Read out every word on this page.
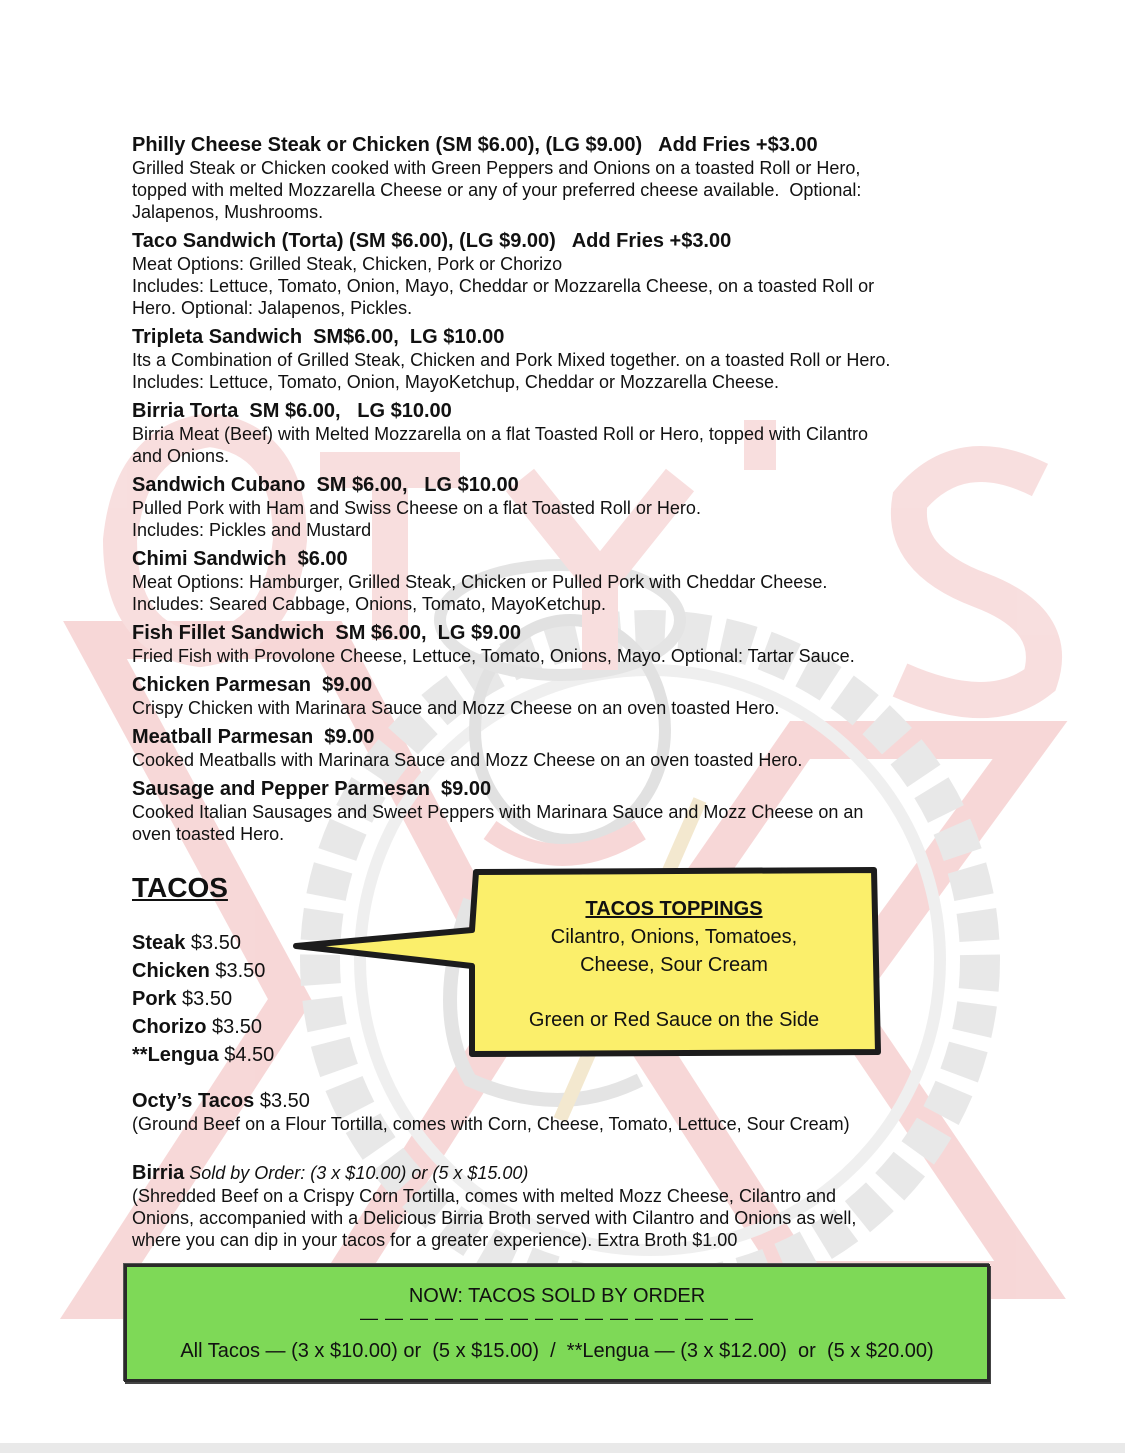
Philly Cheese Steak or Chicken (SM $6.00), (LG $9.00)   Add Fries +$3.00
Grilled Steak or Chicken cooked with Green Peppers and Onions on a toasted Roll or Hero,
topped with melted Mozzarella Cheese or any of your preferred cheese available.  Optional:
Jalapenos, Mushrooms.
Taco Sandwich (Torta) (SM $6.00), (LG $9.00)   Add Fries +$3.00
Meat Options: Grilled Steak, Chicken, Pork or Chorizo
Includes: Lettuce, Tomato, Onion, Mayo, Cheddar or Mozzarella Cheese, on a toasted Roll or
Hero. Optional: Jalapenos, Pickles.
Tripleta Sandwich  SM$6.00,  LG $10.00
Its a Combination of Grilled Steak, Chicken and Pork Mixed together. on a toasted Roll or Hero.
Includes: Lettuce, Tomato, Onion, MayoKetchup, Cheddar or Mozzarella Cheese.
Birria Torta  SM $6.00,   LG $10.00
Birria Meat (Beef) with Melted Mozzarella on a flat Toasted Roll or Hero, topped with Cilantro
and Onions.
Sandwich Cubano  SM $6.00,   LG $10.00
Pulled Pork with Ham and Swiss Cheese on a flat Toasted Roll or Hero.
Includes: Pickles and Mustard
Chimi Sandwich  $6.00
Meat Options: Hamburger, Grilled Steak, Chicken or Pulled Pork with Cheddar Cheese.
Includes: Seared Cabbage, Onions, Tomato, MayoKetchup.
Fish Fillet Sandwich  SM $6.00,  LG $9.00
Fried Fish with Provolone Cheese, Lettuce, Tomato, Onions, Mayo. Optional: Tartar Sauce.
Chicken Parmesan  $9.00
Crispy Chicken with Marinara Sauce and Mozz Cheese on an oven toasted Hero.
Meatball Parmesan  $9.00
Cooked Meatballs with Marinara Sauce and Mozz Cheese on an oven toasted Hero.
Sausage and Pepper Parmesan  $9.00
Cooked Italian Sausages and Sweet Peppers with Marinara Sauce and Mozz Cheese on an
oven toasted Hero.
TACOS
Steak $3.50
Chicken $3.50
Pork $3.50
Chorizo $3.50
**Lengua $4.50
TACOS TOPPINGS
Cilantro, Onions, Tomatoes,
Cheese, Sour Cream
Green or Red Sauce on the Side
Octy’s Tacos $3.50
(Ground Beef on a Flour Tortilla, comes with Corn, Cheese, Tomato, Lettuce, Sour Cream)
Birria Sold by Order: (3 x $10.00) or (5 x $15.00)
(Shredded Beef on a Crispy Corn Tortilla, comes with melted Mozz Cheese, Cilantro and
Onions, accompanied with a Delicious Birria Broth served with Cilantro and Onions as well,
where you can dip in your tacos for a greater experience). Extra Broth $1.00
NOW: TACOS SOLD BY ORDER
— — — — — — — — — — — — — — — —
All Tacos — (3 x $10.00) or  (5 x $15.00)  /  **Lengua — (3 x $12.00)  or  (5 x $20.00)
